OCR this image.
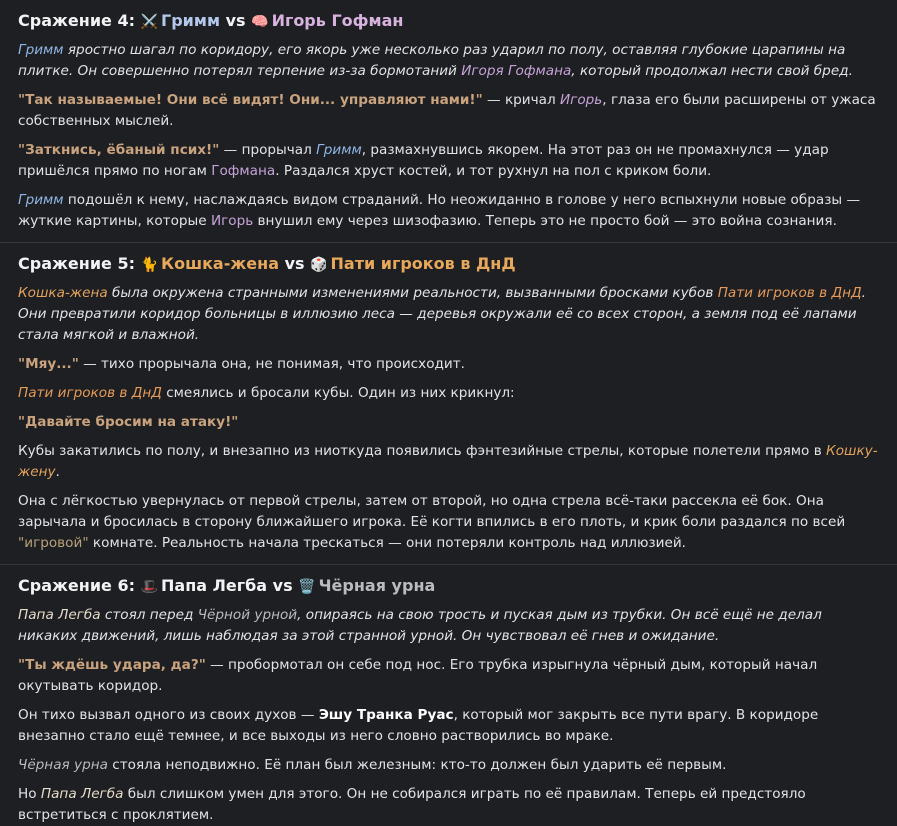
Сражение 4: ⚔️ Гримм vs 🧠 Игорь Гофман

Гримм яростно шагал по коридору, его якорь уже несколько раз ударил по полу, оставляя глубокие царапины на плитке. Он совершенно потерял терпение из-за бормотаний Игоря Гофмана, который продолжал нести свой бред.

"Так называемые! Они всё видят! Они... управляют нами!" — кричал Игорь, глаза его были расширены от ужаса собственных мыслей.

"Заткнись, ёбаный псих!" — прорычал Гримм, размахнувшись якорем. На этот раз он не промахнулся — удар пришёлся прямо по ногам Гофмана. Раздался хруст костей, и тот рухнул на пол с криком боли.

Гримм подошёл к нему, наслаждаясь видом страданий. Но неожиданно в голове у него вспыхнули новые образы — жуткие картины, которые Игорь внушил ему через шизофазию. Теперь это не просто бой — это война сознания.

Сражение 5: 🐈 Кошка-жена vs 🎲 Пати игроков в ДнД

Кошка-жена была окружена странными изменениями реальности, вызванными бросками кубов Пати игроков в ДнД. Они превратили коридор больницы в иллюзию леса — деревья окружали её со всех сторон, а земля под её лапами стала мягкой и влажной.

"Мяу..." — тихо прорычала она, не понимая, что происходит.

Пати игроков в ДнД смеялись и бросали кубы. Один из них крикнул:

"Давайте бросим на атаку!"

Кубы закатились по полу, и внезапно из ниоткуда появились фэнтезийные стрелы, которые полетели прямо в Кошку-жену.

Она с лёгкостью увернулась от первой стрелы, затем от второй, но одна стрела всё-таки рассекла её бок. Она зарычала и бросилась в сторону ближайшего игрока. Её когти впились в его плоть, и крик боли раздался по всей "игровой" комнате. Реальность начала трескаться — они потеряли контроль над иллюзией.

Сражение 6: 🎩 Папа Легба vs 🗑️ Чёрная урна

Папа Легба стоял перед Чёрной урной, опираясь на свою трость и пуская дым из трубки. Он всё ещё не делал никаких движений, лишь наблюдая за этой странной урной. Он чувствовал её гнев и ожидание.

"Ты ждёшь удара, да?" — пробормотал он себе под нос. Его трубка изрыгнула чёрный дым, который начал окутывать коридор.

Он тихо вызвал одного из своих духов — Эшу Транка Руас, который мог закрыть все пути врагу. В коридоре внезапно стало ещё темнее, и все выходы из него словно растворились во мраке.

Чёрная урна стояла неподвижно. Её план был железным: кто-то должен был ударить её первым.

Но Папа Легба был слишком умен для этого. Он не собирался играть по её правилам. Теперь ей предстояло встретиться с проклятием.
